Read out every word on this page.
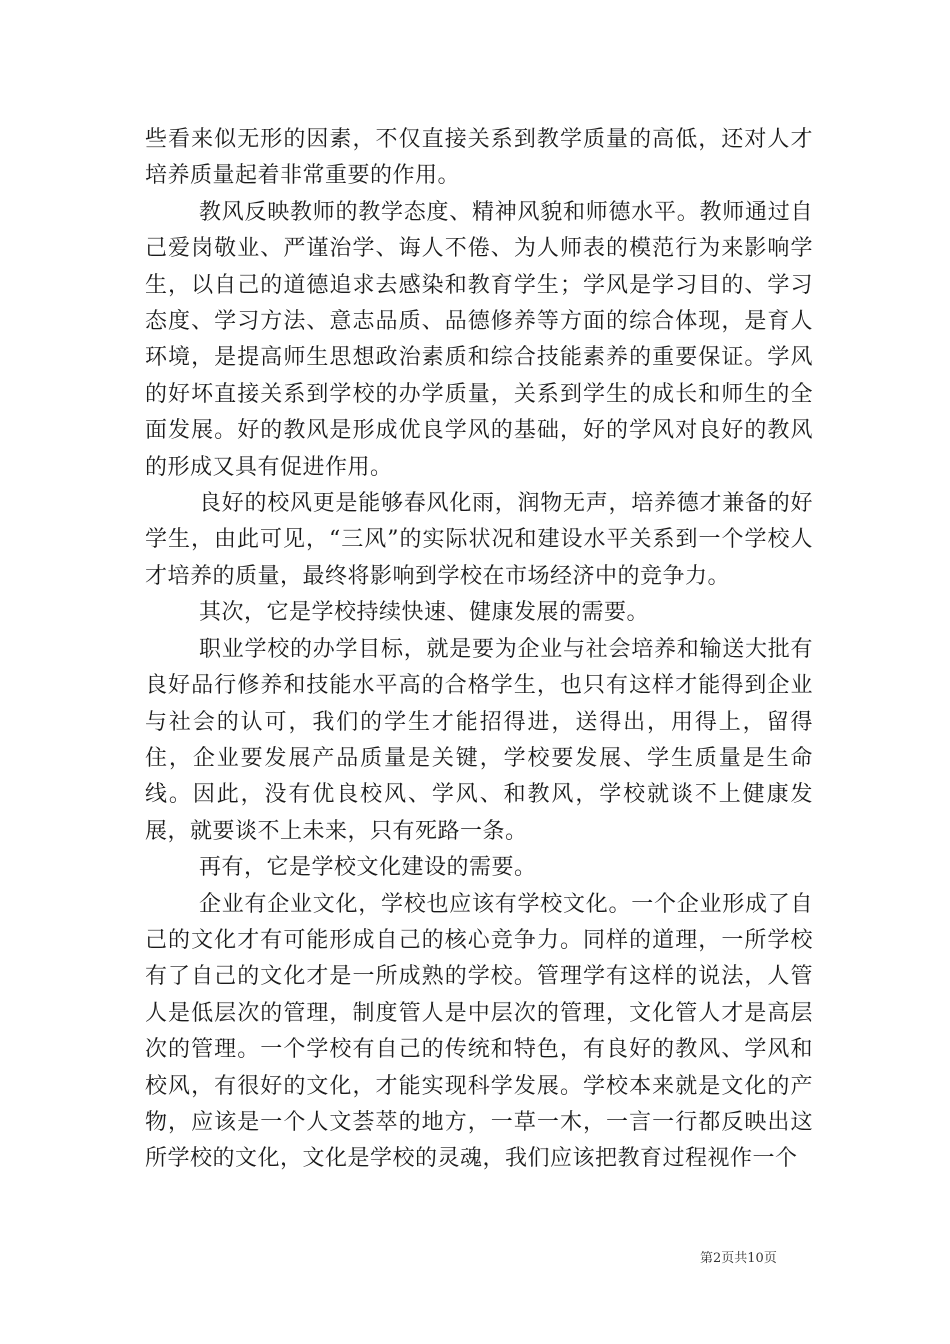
些看来似无形的因素，不仅直接关系到教学质量的高低，还对人才培养质量起着非常重要的作用。

教风反映教师的教学态度、精神风貌和师德水平。教师通过自己爱岗敬业、严谨治学、诲人不倦、为人师表的模范行为来影响学生，以自己的道德追求去感染和教育学生；学风是学习目的、学习态度、学习方法、意志品质、品德修养等方面的综合体现，是育人环境，是提高师生思想政治素质和综合技能素养的重要保证。学风的好坏直接关系到学校的办学质量，关系到学生的成长和师生的全面发展。好的教风是形成优良学风的基础，好的学风对良好的教风的形成又具有促进作用。

良好的校风更是能够春风化雨，润物无声，培养德才兼备的好学生，由此可见，“三风”的实际状况和建设水平关系到一个学校人才培养的质量，最终将影响到学校在市场经济中的竞争力。

其次，它是学校持续快速、健康发展的需要。

职业学校的办学目标，就是要为企业与社会培养和输送大批有良好品行修养和技能水平高的合格学生，也只有这样才能得到企业与社会的认可，我们的学生才能招得进，送得出，用得上，留得住，企业要发展产品质量是关键，学校要发展、学生质量是生命线。因此，没有优良校风、学风、和教风，学校就谈不上健康发展，就要谈不上未来，只有死路一条。

再有，它是学校文化建设的需要。

企业有企业文化，学校也应该有学校文化。一个企业形成了自己的文化才有可能形成自己的核心竞争力。同样的道理，一所学校有了自己的文化才是一所成熟的学校。管理学有这样的说法，人管人是低层次的管理，制度管人是中层次的管理，文化管人才是高层次的管理。一个学校有自己的传统和特色，有良好的教风、学风和校风，有很好的文化，才能实现科学发展。学校本来就是文化的产物，应该是一个人文荟萃的地方，一草一木，一言一行都反映出这所学校的文化，文化是学校的灵魂，我们应该把教育过程视作一个

第2页共10页
